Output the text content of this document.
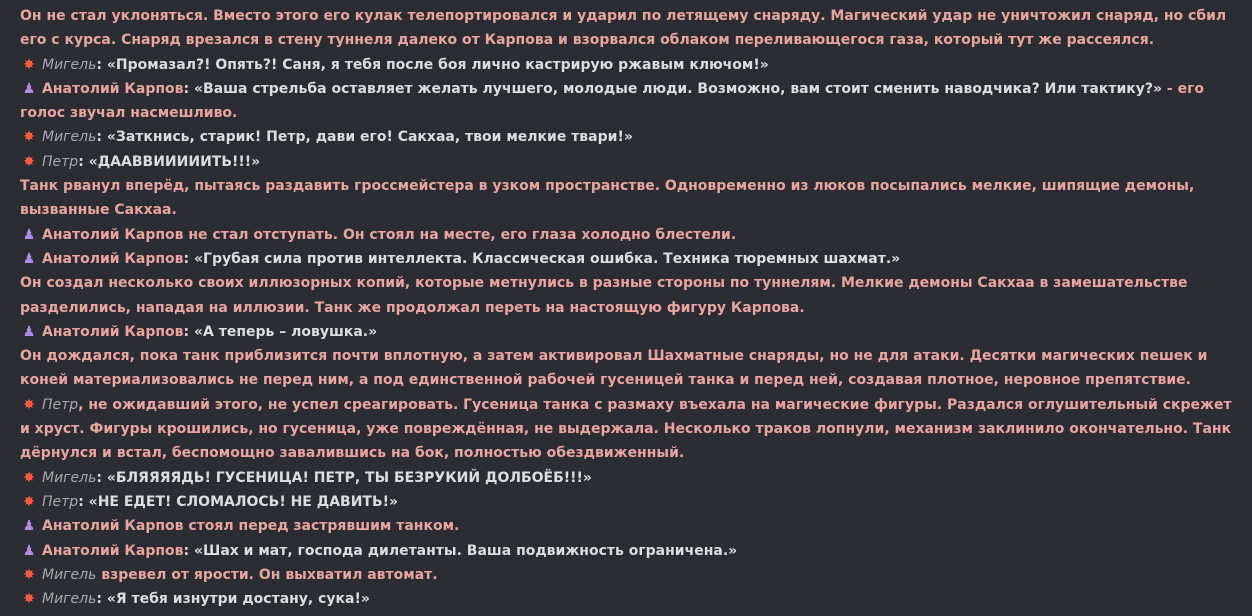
Он не стал уклоняться. Вместо этого его кулак телепортировался и ударил по летящему снаряду. Магический удар не уничтожил снаряд, но сбил его с курса. Снаряд врезался в стену туннеля далеко от Карпова и взорвался облаком переливающегося газа, который тут же рассеялся.

✸ Мигель: «Промазал?! Опять?! Саня, я тебя после боя лично кастрирую ржавым ключом!»

♟ Анатолий Карпов: «Ваша стрельба оставляет желать лучшего, молодые люди. Возможно, вам стоит сменить наводчика? Или тактику?» - его голос звучал насмешливо.

✸ Мигель: «Заткнись, старик! Петр, дави его! Сакхаа, твои мелкие твари!»

✸ Петр: «ДААВВИИИИИТЬ!!!»

Танк рванул вперёд, пытаясь раздавить гроссмейстера в узком пространстве. Одновременно из люков посыпались мелкие, шипящие демоны, вызванные Сакхаа.

♟ Анатолий Карпов не стал отступать. Он стоял на месте, его глаза холодно блестели.

♟ Анатолий Карпов: «Грубая сила против интеллекта. Классическая ошибка. Техника тюремных шахмат.»

Он создал несколько своих иллюзорных копий, которые метнулись в разные стороны по туннелям. Мелкие демоны Сакхаа в замешательстве разделились, нападая на иллюзии. Танк же продолжал переть на настоящую фигуру Карпова.

♟ Анатолий Карпов: «А теперь – ловушка.»

Он дождался, пока танк приблизится почти вплотную, а затем активировал Шахматные снаряды, но не для атаки. Десятки магических пешек и коней материализовались не перед ним, а под единственной рабочей гусеницей танка и перед ней, создавая плотное, неровное препятствие.

✸ Петр, не ожидавший этого, не успел среагировать. Гусеница танка с размаху въехала на магические фигуры. Раздался оглушительный скрежет и хруст. Фигуры крошились, но гусеница, уже повреждённая, не выдержала. Несколько траков лопнули, механизм заклинило окончательно. Танк дёрнулся и встал, беспомощно завалившись на бок, полностью обездвиженный.

✸ Мигель: «БЛЯЯЯЯДЬ! ГУСЕНИЦА! ПЕТР, ТЫ БЕЗРУКИЙ ДОЛБОЁБ!!!»

✸ Петр: «НЕ ЕДЕТ! СЛОМАЛОСЬ! НЕ ДАВИТЬ!»

♟ Анатолий Карпов стоял перед застрявшим танком.

♟ Анатолий Карпов: «Шах и мат, господа дилетанты. Ваша подвижность ограничена.»

✸ Мигель взревел от ярости. Он выхватил автомат.

✸ Мигель: «Я тебя изнутри достану, сука!»
